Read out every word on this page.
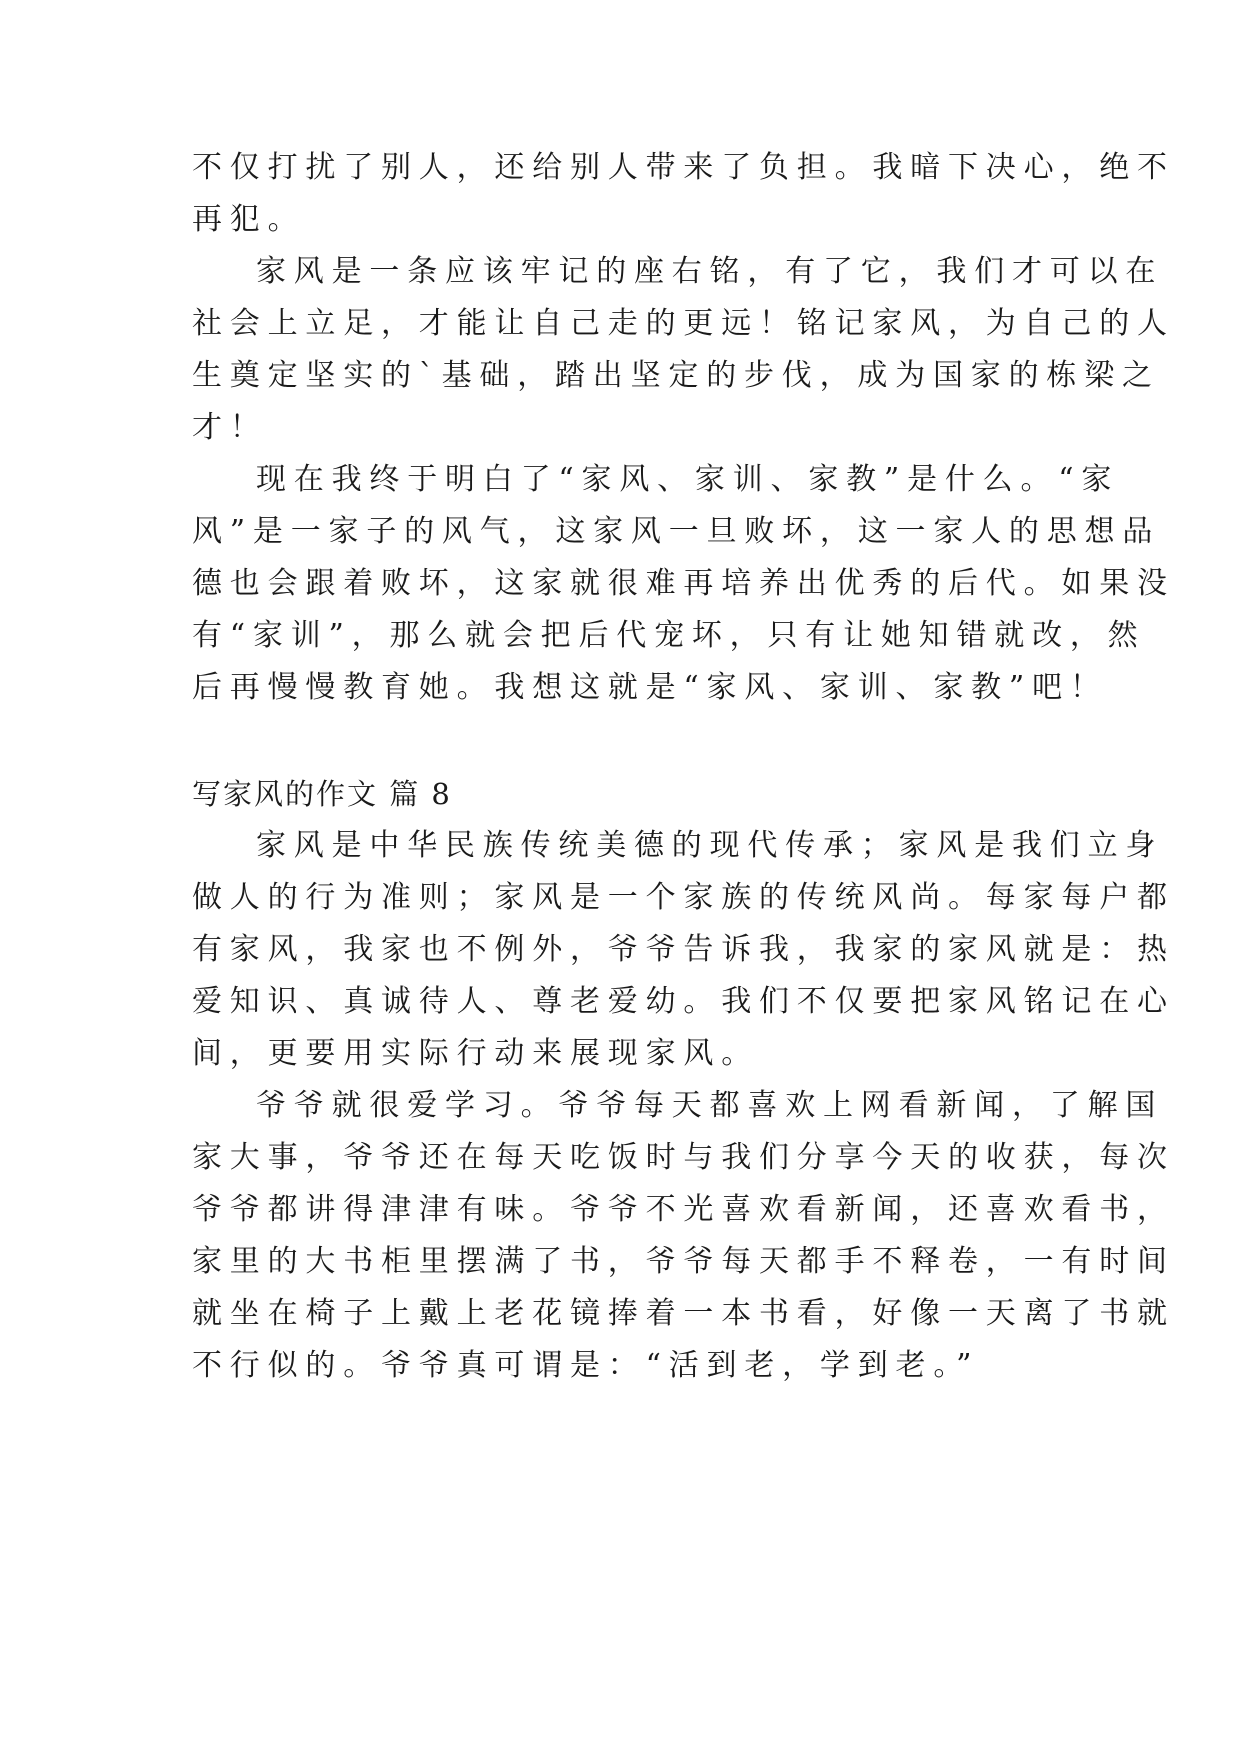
不仅打扰了别人，还给别人带来了负担。我暗下决心，绝不
再犯。
家风是一条应该牢记的座右铭，有了它，我们才可以在
社会上立足，才能让自己走的更远！铭记家风，为自己的人
生奠定坚实的`基础，踏出坚定的步伐，成为国家的栋梁之
才！
现在我终于明白了“家风、家训、家教”是什么。“家
风”是一家子的风气，这家风一旦败坏，这一家人的思想品
德也会跟着败坏，这家就很难再培养出优秀的后代。如果没
有“家训”，那么就会把后代宠坏，只有让她知错就改，然
后再慢慢教育她。我想这就是“家风、家训、家教”吧！
写家风的作文 篇 8
家风是中华民族传统美德的现代传承；家风是我们立身
做人的行为准则；家风是一个家族的传统风尚。每家每户都
有家风，我家也不例外，爷爷告诉我，我家的家风就是：热
爱知识、真诚待人、尊老爱幼。我们不仅要把家风铭记在心
间，更要用实际行动来展现家风。
爷爷就很爱学习。爷爷每天都喜欢上网看新闻，了解国
家大事，爷爷还在每天吃饭时与我们分享今天的收获，每次
爷爷都讲得津津有味。爷爷不光喜欢看新闻，还喜欢看书，
家里的大书柜里摆满了书，爷爷每天都手不释卷，一有时间
就坐在椅子上戴上老花镜捧着一本书看，好像一天离了书就
不行似的。爷爷真可谓是：“活到老，学到老。”
